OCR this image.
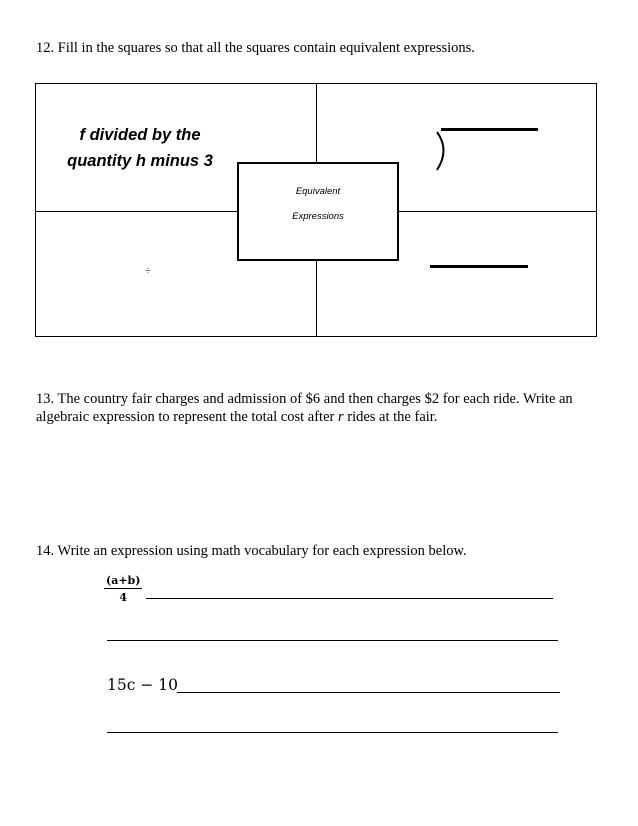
12. Fill in the squares so that all the squares contain equivalent expressions.
f divided by the
quantity h minus 3
Equivalent
Expressions
÷
13. The country fair charges and admission of $6 and then charges $2 for each ride. Write an
algebraic expression to represent the total cost after r rides at the fair.
14. Write an expression using math vocabulary for each expression below.
$\frac{(a+b)}{4}$
15c − 10
